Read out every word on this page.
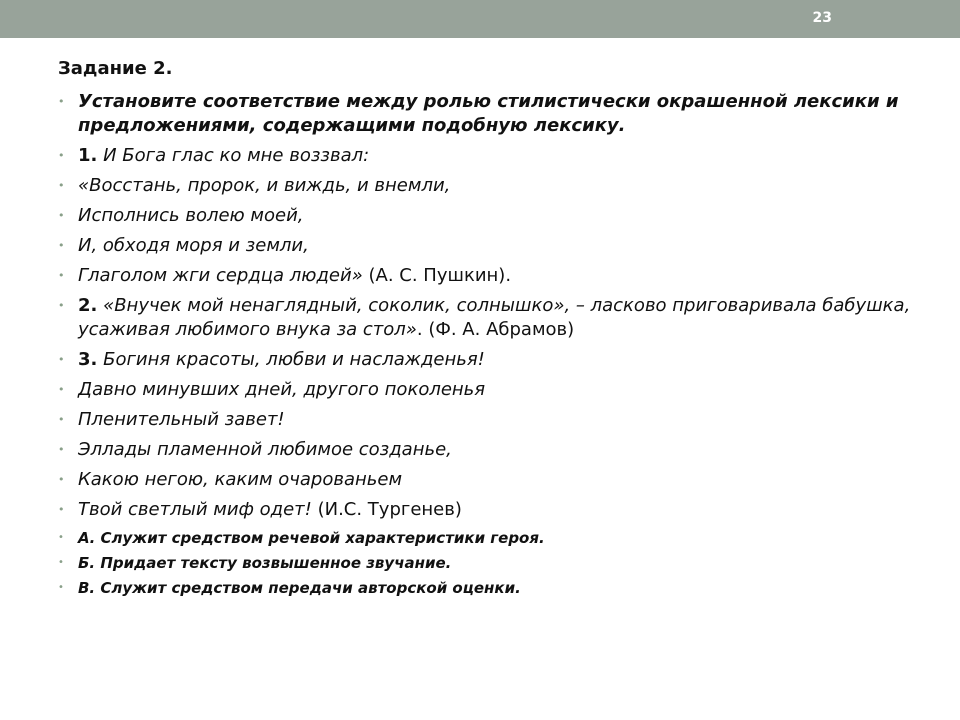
23
Задание 2.
• Установите соответствие между ролью стилистически окрашенной лексики и предложениями, содержащими подобную лексику.
• 1. И Бога глас ко мне воззвал:
• «Восстань, пророк, и виждь, и внемли,
• Исполнись волею моей,
• И, обходя моря и земли,
• Глаголом жги сердца людей» (А. С. Пушкин).
• 2. «Внучек мой ненаглядный, соколик, солнышко», – ласково приговаривала бабушка, усаживая любимого внука за стол». (Ф. А. Абрамов)
• 3. Богиня красоты, любви и наслажденья!
• Давно минувших дней, другого поколенья
• Пленительный завет!
• Эллады пламенной любимое созданье,
• Какою негою, каким очарованьем
• Твой светлый миф одет! (И.С. Тургенев)
• А. Служит средством речевой характеристики героя.
• Б. Придает тексту возвышенное звучание.
• В. Служит средством передачи авторской оценки.
